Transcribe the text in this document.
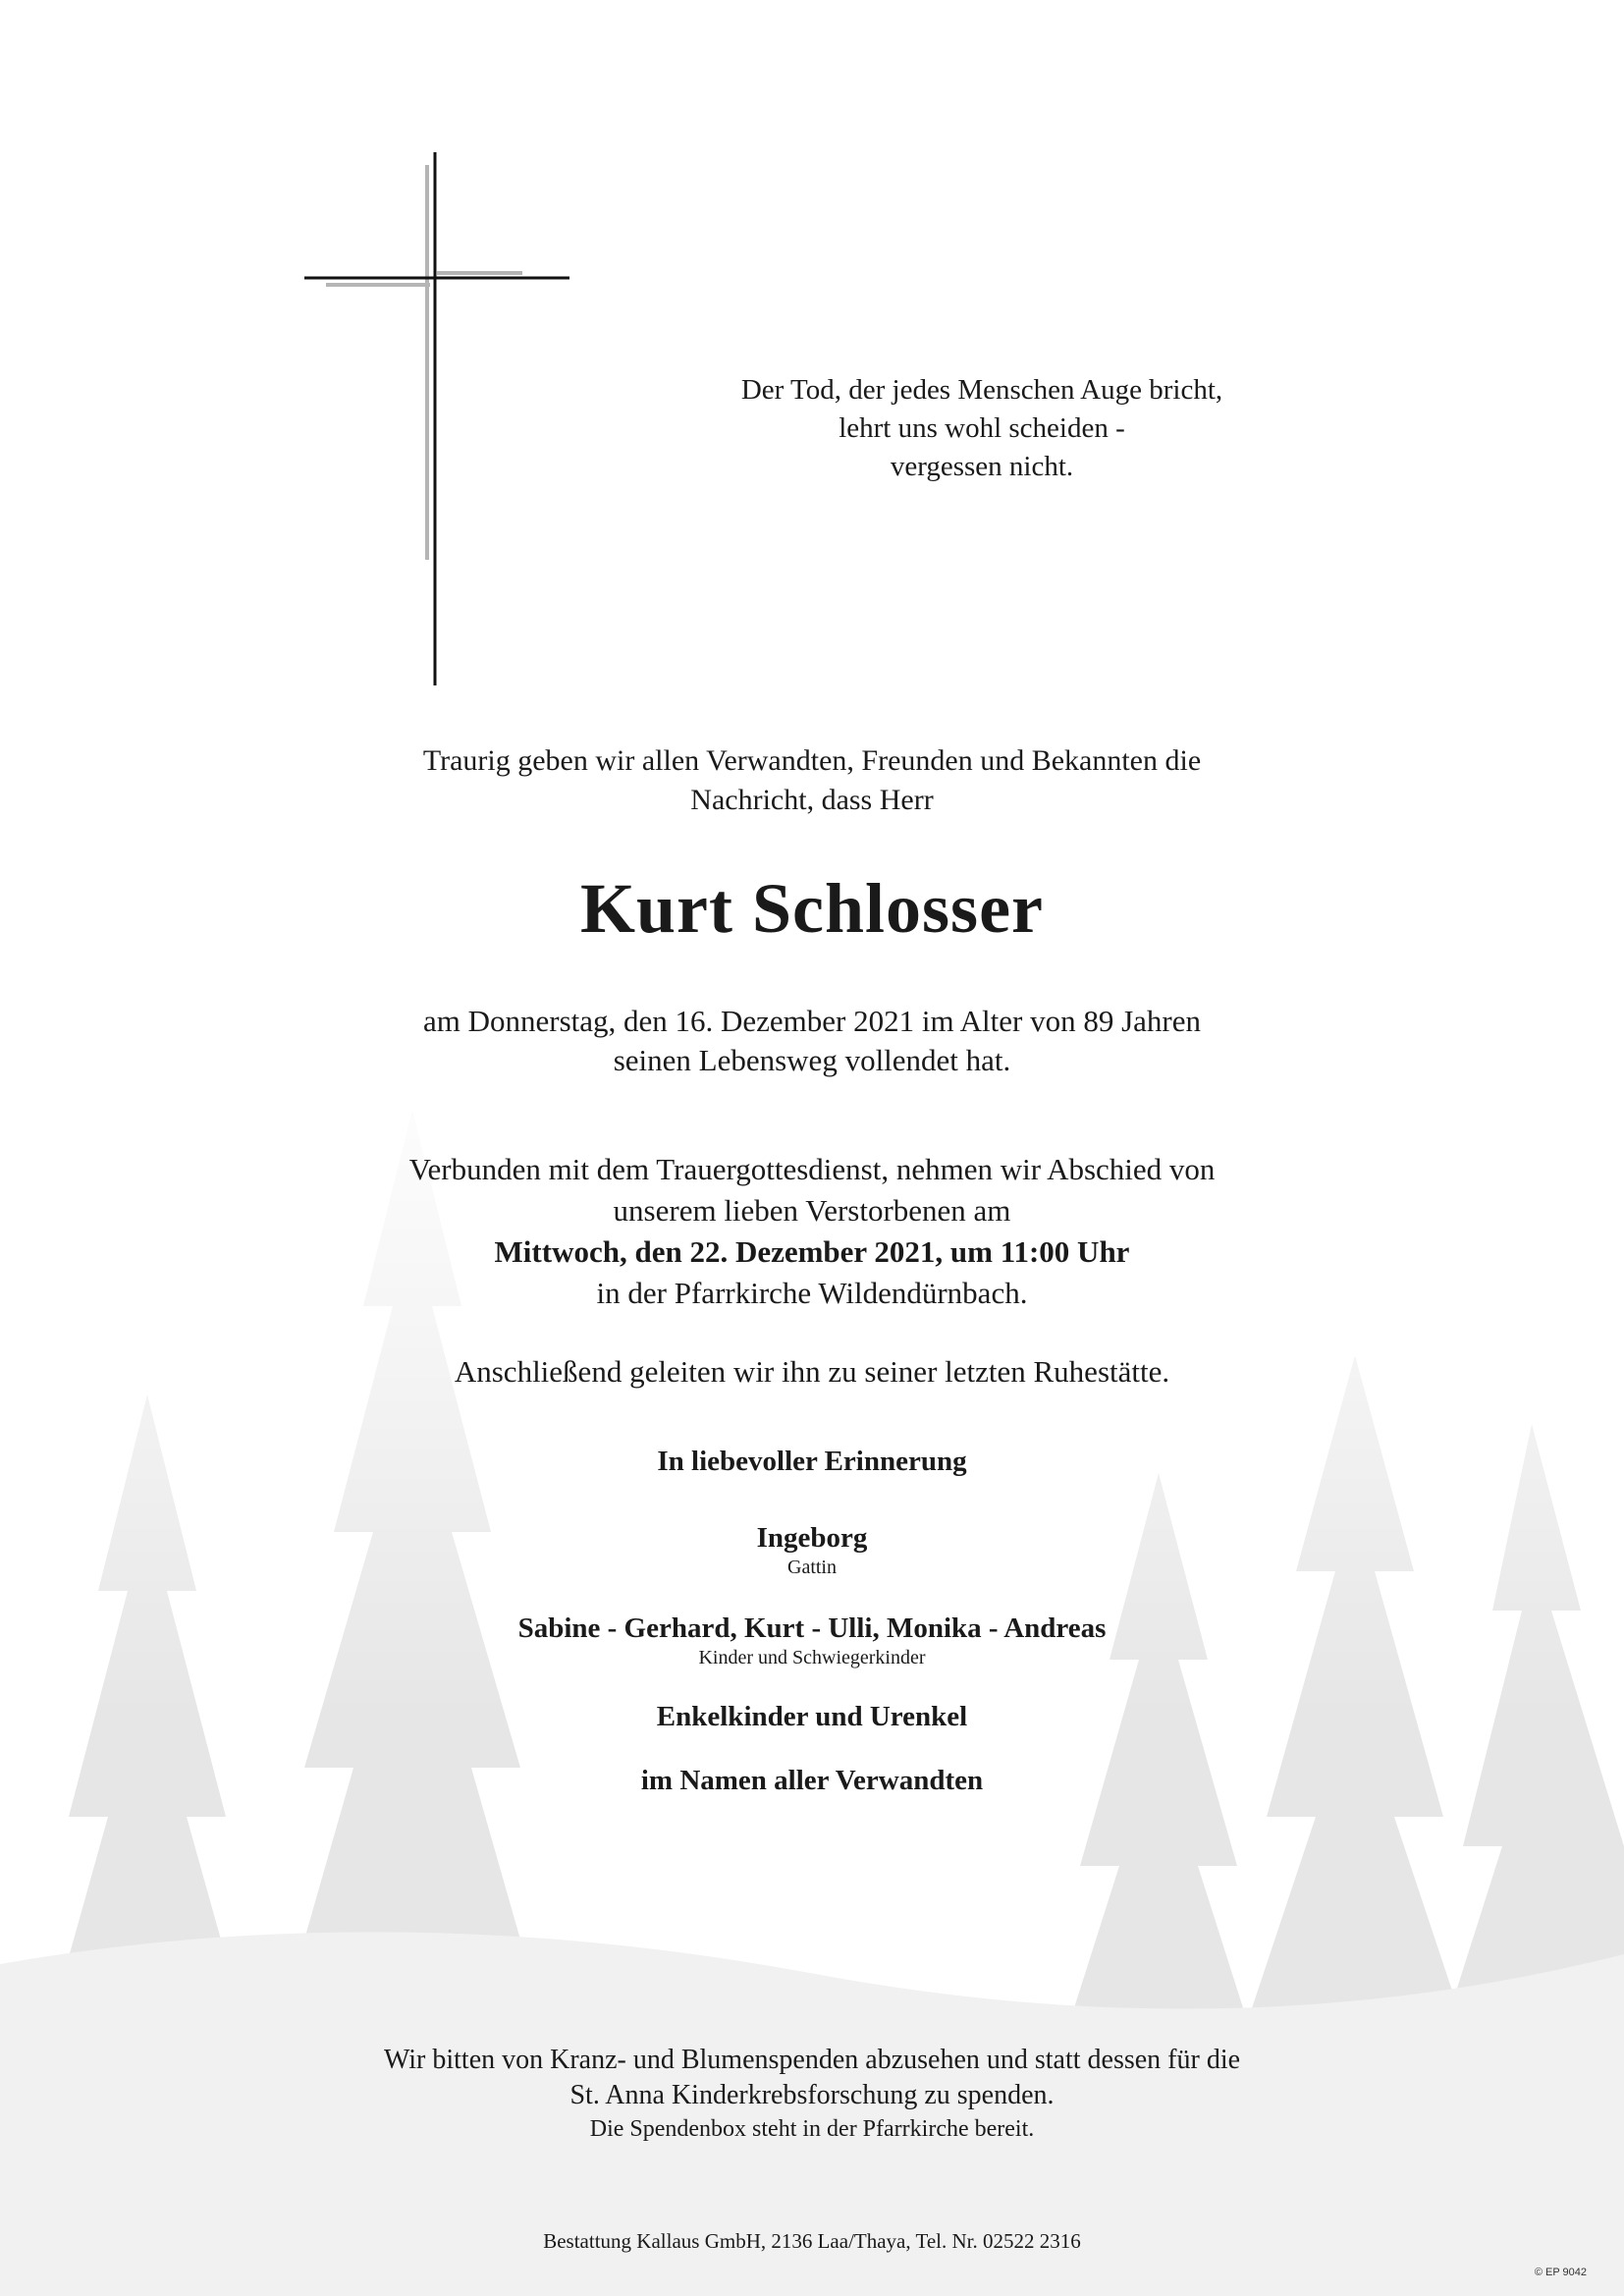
Der Tod, der jedes Menschen Auge bricht,
lehrt uns wohl scheiden -
vergessen nicht.
Traurig geben wir allen Verwandten, Freunden und Bekannten die
Nachricht, dass Herr
Kurt Schlosser
am Donnerstag, den 16. Dezember 2021 im Alter von 89 Jahren
seinen Lebensweg vollendet hat.
Verbunden mit dem Trauergottesdienst, nehmen wir Abschied von
unserem lieben Verstorbenen am
Mittwoch, den 22. Dezember 2021, um 11:00 Uhr
in der Pfarrkirche Wildendürnbach.
Anschließend geleiten wir ihn zu seiner letzten Ruhestätte.
In liebevoller Erinnerung
Ingeborg
Gattin
Sabine - Gerhard, Kurt - Ulli, Monika - Andreas
Kinder und Schwiegerkinder
Enkelkinder und Urenkel
im Namen aller Verwandten
Wir bitten von Kranz- und Blumenspenden abzusehen und statt dessen für die
St. Anna Kinderkrebsforschung zu spenden.
Die Spendenbox steht in der Pfarrkirche bereit.
Bestattung Kallaus GmbH, 2136 Laa/Thaya, Tel. Nr. 02522 2316
© EP 9042
